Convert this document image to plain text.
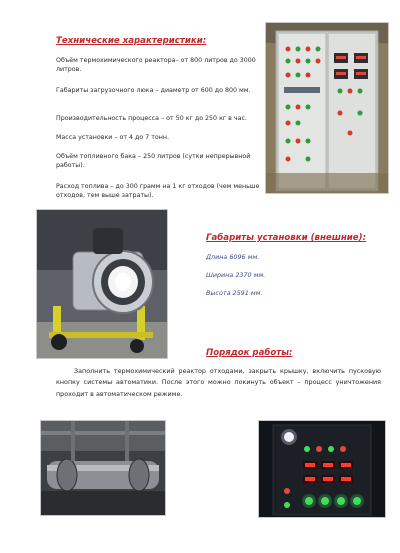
Технические характеристики:
Объём термохимического реактора– от 800 литров до 3000 литров.
Габариты загрузочного люка – диаметр от 600 до 800 мм.
Производительность процесса – от 50 кг до 250 кг в час.
Масса установки – от 4 до 7 тонн.
Объём топливного бака – 250 литров (сутки непрерывной работы).
Расход топлива – до 300 грамм на 1 кг отходов (чем меньше отходов, тем выше затраты).
Габариты установки (внешние):
Длина 6096 мм.
Ширина 2370 мм.
Высота 2591 мм.
Порядок работы:
Заполнить термохимический реактор отходами, закрыть крышку, включить пусковую кнопку системы автоматики. После этого можно покинуть объект – процесс уничтожения проходит в автоматическом режиме.
